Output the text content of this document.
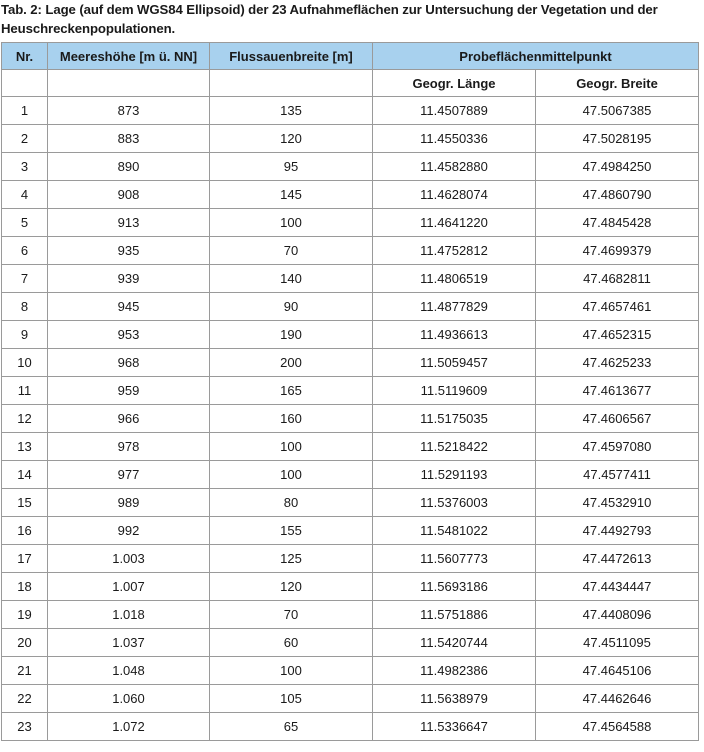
Tab. 2: Lage (auf dem WGS84 Ellipsoid) der 23 Aufnahmeflächen zur Untersuchung der Vegetation und der Heuschreckenpopulationen.
Nr.	Meereshöhe [m ü. NN]	Flussauenbreite [m]	Probeflächenmittelpunkt	
			Geogr. Länge	Geogr. Breite
1	873	135	11.4507889	47.5067385
2	883	120	11.4550336	47.5028195
3	890	95	11.4582880	47.4984250
4	908	145	11.4628074	47.4860790
5	913	100	11.4641220	47.4845428
6	935	70	11.4752812	47.4699379
7	939	140	11.4806519	47.4682811
8	945	90	11.4877829	47.4657461
9	953	190	11.4936613	47.4652315
10	968	200	11.5059457	47.4625233
11	959	165	11.5119609	47.4613677
12	966	160	11.5175035	47.4606567
13	978	100	11.5218422	47.4597080
14	977	100	11.5291193	47.4577411
15	989	80	11.5376003	47.4532910
16	992	155	11.5481022	47.4492793
17	1.003	125	11.5607773	47.4472613
18	1.007	120	11.5693186	47.4434447
19	1.018	70	11.5751886	47.4408096
20	1.037	60	11.5420744	47.4511095
21	1.048	100	11.4982386	47.4645106
22	1.060	105	11.5638979	47.4462646
23	1.072	65	11.5336647	47.4564588
